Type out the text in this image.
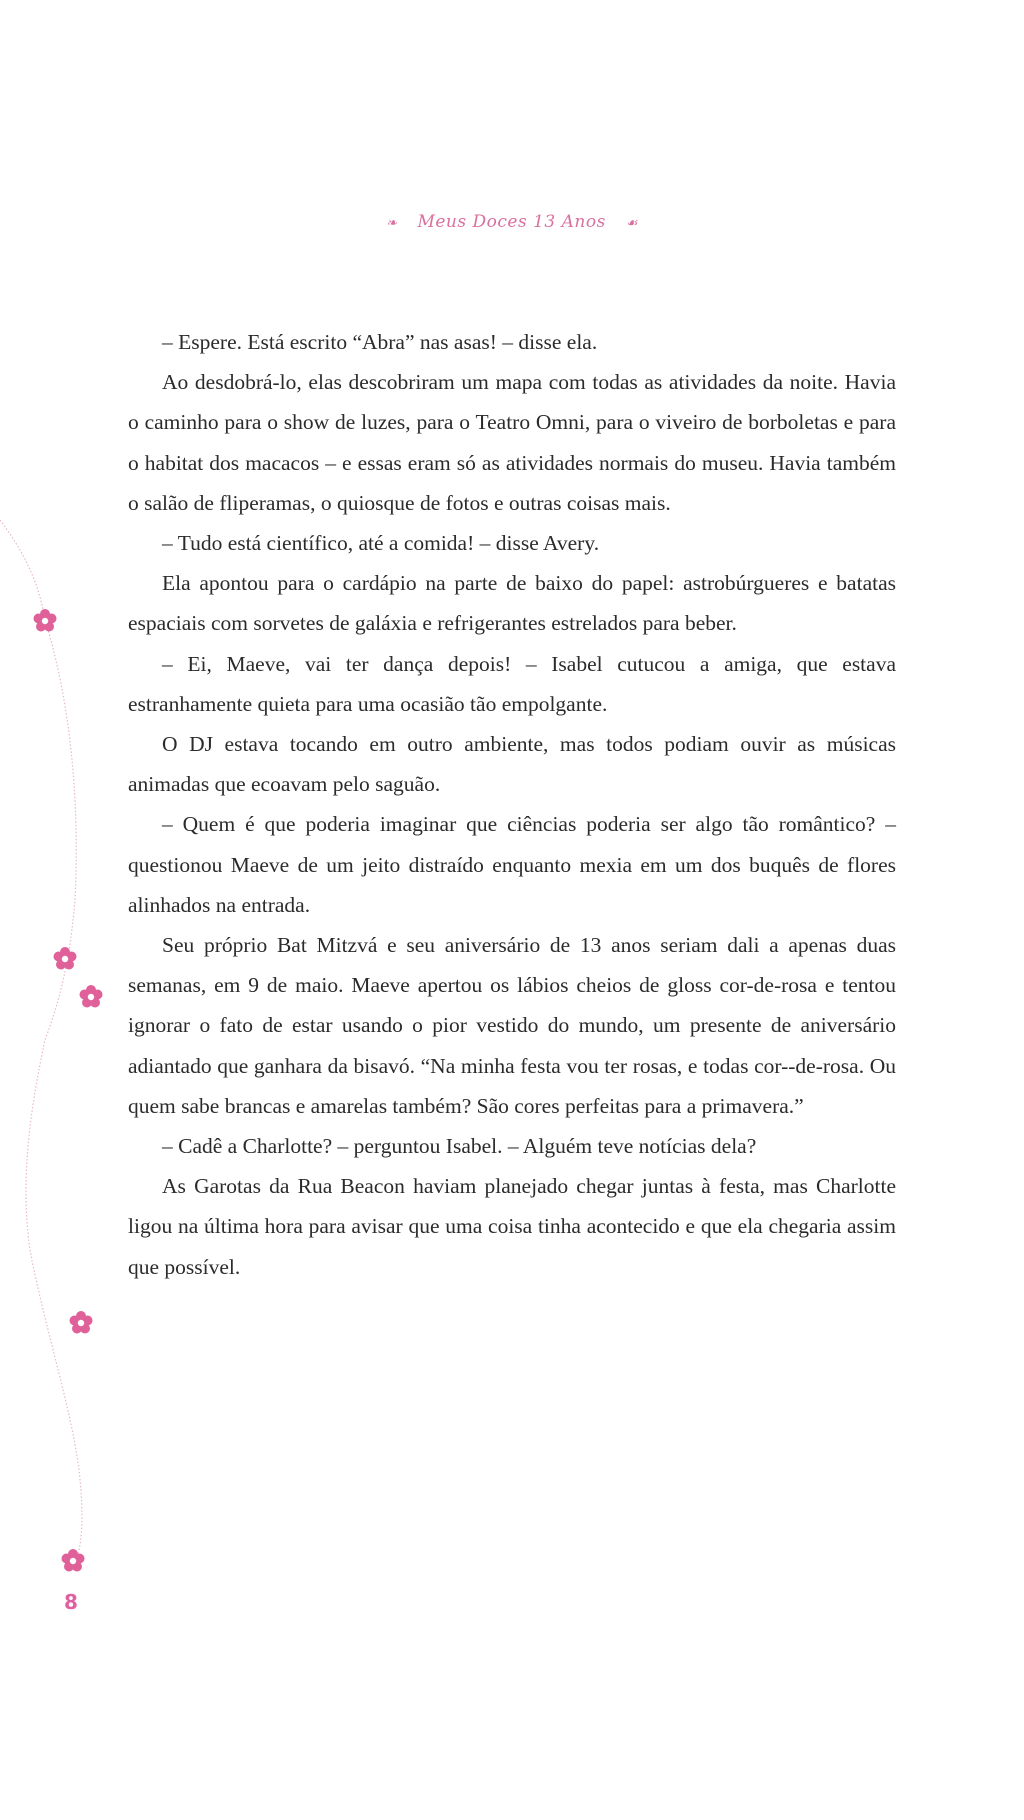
❧ Meus Doces 13 Anos ☙

– Espere. Está escrito “Abra” nas asas! – disse ela.

Ao desdobrá-lo, elas descobriram um mapa com todas as atividades da noite. Havia o caminho para o show de luzes, para o Teatro Omni, para o viveiro de borboletas e para o habitat dos macacos – e essas eram só as atividades normais do museu. Havia também o salão de fliperamas, o quiosque de fotos e outras coisas mais.

– Tudo está científico, até a comida! – disse Avery.

Ela apontou para o cardápio na parte de baixo do papel: astrobúrgueres e batatas espaciais com sorvetes de galáxia e refrigerantes estrelados para beber.

– Ei, Maeve, vai ter dança depois! – Isabel cutucou a amiga, que estava estranhamente quieta para uma ocasião tão empolgante.

O DJ estava tocando em outro ambiente, mas todos podiam ouvir as músicas animadas que ecoavam pelo saguão.

– Quem é que poderia imaginar que ciências poderia ser algo tão romântico? – questionou Maeve de um jeito distraído enquanto mexia em um dos buquês de flores alinhados na entrada.

Seu próprio Bat Mitzvá e seu aniversário de 13 anos seriam dali a apenas duas semanas, em 9 de maio. Maeve apertou os lábios cheios de gloss cor-de-rosa e tentou ignorar o fato de estar usando o pior vestido do mundo, um presente de aniversário adiantado que ganhara da bisavó. “Na minha festa vou ter rosas, e todas cor--de-rosa. Ou quem sabe brancas e amarelas também? São cores perfeitas para a primavera.”

– Cadê a Charlotte? – perguntou Isabel. – Alguém teve notícias dela?

As Garotas da Rua Beacon haviam planejado chegar juntas à festa, mas Charlotte ligou na última hora para avisar que uma coisa tinha acontecido e que ela chegaria assim que possível.

8
